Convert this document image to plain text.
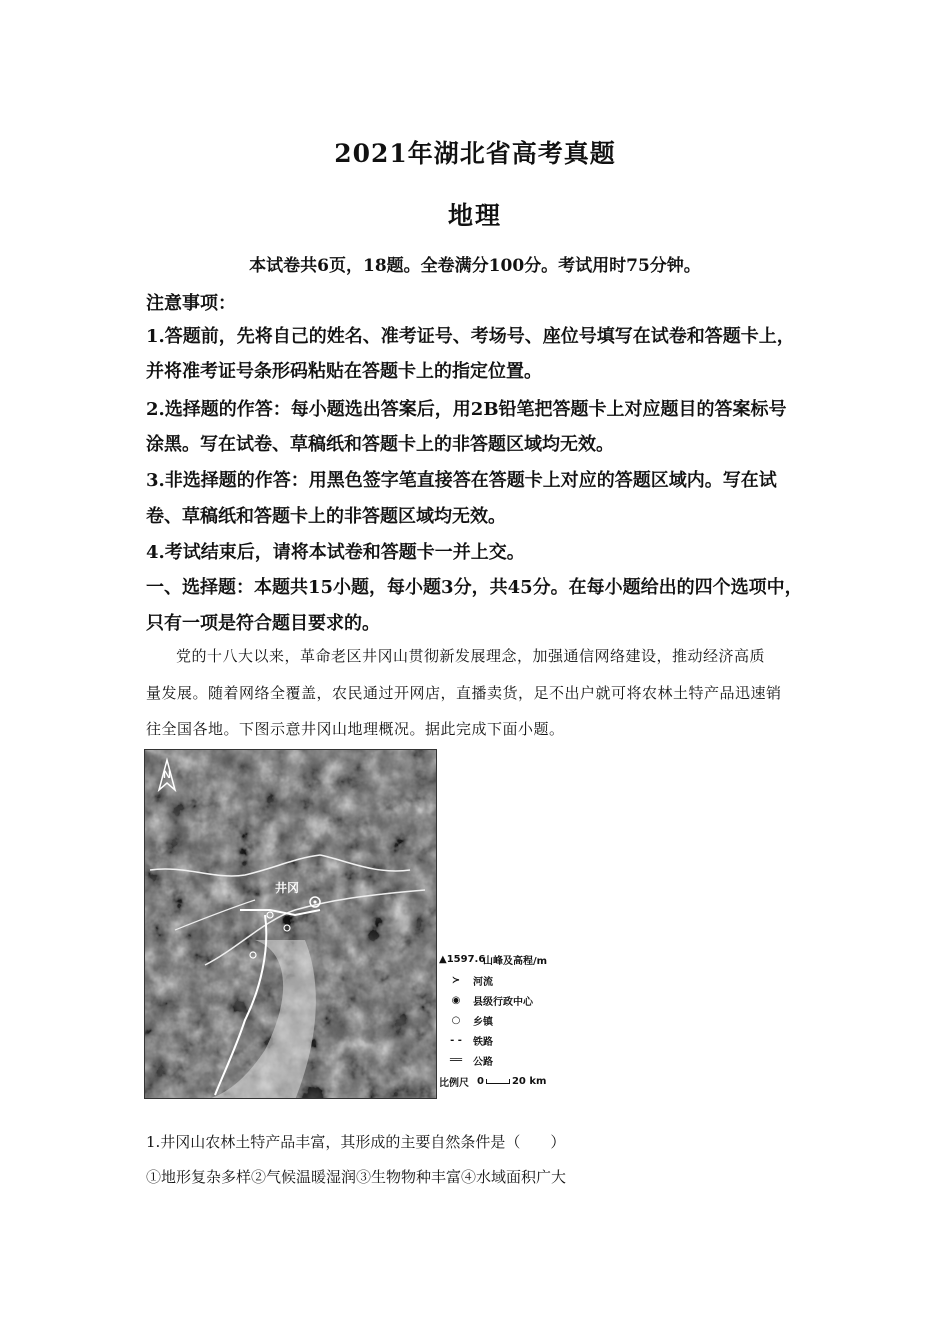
2021年湖北省高考真题
地理
本试卷共6页，18题。全卷满分100分。考试用时75分钟。
注意事项：
1.答题前，先将自己的姓名、准考证号、考场号、座位号填写在试卷和答题卡上，
并将准考证号条形码粘贴在答题卡上的指定位置。
2.选择题的作答：每小题选出答案后，用2B铅笔把答题卡上对应题目的答案标号
涂黑。写在试卷、草稿纸和答题卡上的非答题区域均无效。
3.非选择题的作答：用黑色签字笔直接答在答题卡上对应的答题区域内。写在试
卷、草稿纸和答题卡上的非答题区域均无效。
4.考试结束后，请将本试卷和答题卡一并上交。
一、选择题：本题共15小题，每小题3分，共45分。在每小题给出的四个选项中，
只有一项是符合题目要求的。
党的十八大以来，革命老区井冈山贯彻新发展理念，加强通信网络建设，推动经济高质
量发展。随着网络全覆盖，农民通过开网店，直播卖货，足不出户就可将农林土特产品迅速销
往全国各地。下图示意井冈山地理概况。据此完成下面小题。
N
井冈
▲1597.6
山峰及高程/m
≻	河流
◉	县级行政中心
○	乡镇
- -	铁路
══	公路
比例尺 0	20 km
1.井冈山农林土特产品丰富，其形成的主要自然条件是（　　）
①地形复杂多样②气候温暖湿润③生物物种丰富④水域面积广大
